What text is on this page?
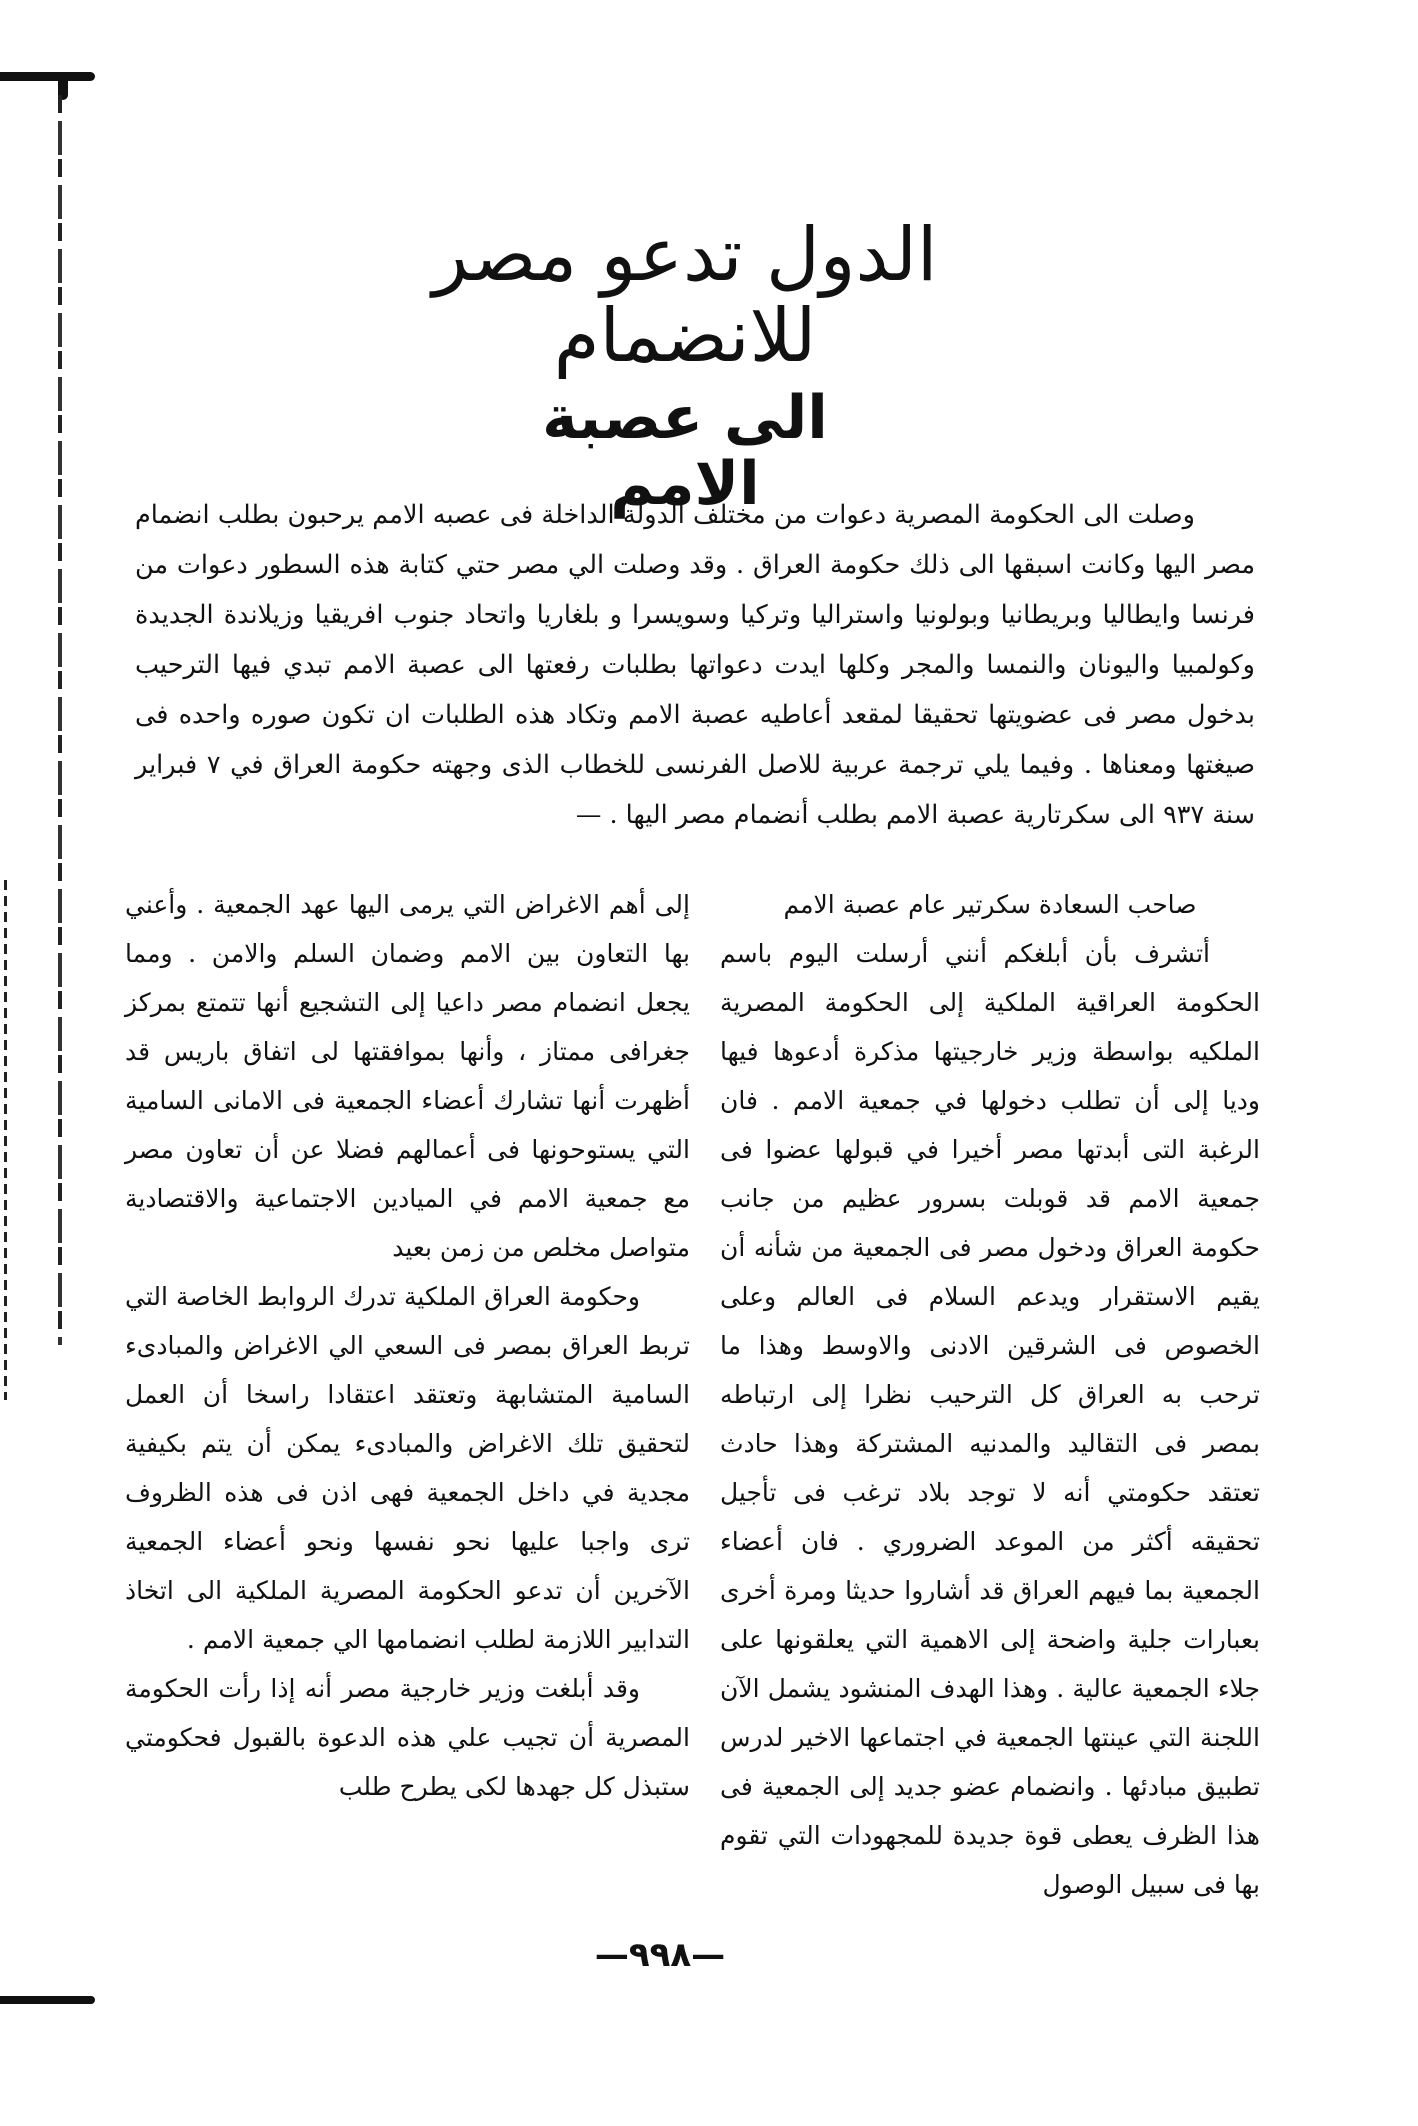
الدول تدعو مصر للانضمام
الى عصبة الامم

وصلت الى الحكومة المصرية دعوات من مختلف الدولة الداخلة فى عصبه الامم يرحبون بطلب انضمام مصر اليها وكانت اسبقها الى ذلك حكومة العراق . وقد وصلت الي مصر حتي كتابة هذه السطور دعوات من فرنسا وايطاليا وبريطانيا وبولونيا واستراليا وتركيا وسويسرا و بلغاريا واتحاد جنوب افريقيا وزيلاندة الجديدة وكولمبيا واليونان والنمسا والمجر وكلها ايدت دعواتها بطلبات رفعتها الى عصبة الامم تبدي فيها الترحيب بدخول مصر فى عضويتها تحقيقا لمقعد أعاطيه عصبة الامم وتكاد هذه الطلبات ان تكون صوره واحده فى صيغتها ومعناها . وفيما يلي ترجمة عربية للاصل الفرنسى للخطاب الذى وجهته حكومة العراق في ٧ فبراير سنة ٩٣٧ الى سكرتارية عصبة الامم بطلب أنضمام مصر اليها . —

صاحب السعادة سكرتير عام عصبة الامم

أتشرف بأن أبلغكم أنني أرسلت اليوم باسم الحكومة العراقية الملكية إلى الحكومة المصرية الملكيه بواسطة وزير خارجيتها مذكرة أدعوها فيها وديا إلى أن تطلب دخولها في جمعية الامم . فان الرغبة التى أبدتها مصر أخيرا في قبولها عضوا فى جمعية الامم قد قوبلت بسرور عظيم من جانب حكومة العراق ودخول مصر فى الجمعية من شأنه أن يقيم الاستقرار ويدعم السلام فى العالم وعلى الخصوص فى الشرقين الادنى والاوسط وهذا ما ترحب به العراق كل الترحيب نظرا إلى ارتباطه بمصر فى التقاليد والمدنيه المشتركة وهذا حادث تعتقد حكومتي أنه لا توجد بلاد ترغب فى تأجيل تحقيقه أكثر من الموعد الضروري . فان أعضاء الجمعية بما فيهم العراق قد أشاروا حديثا ومرة أخرى بعبارات جلية واضحة إلى الاهمية التي يعلقونها على جلاء الجمعية عالية . وهذا الهدف المنشود يشمل الآن اللجنة التي عينتها الجمعية في اجتماعها الاخير لدرس تطبيق مبادئها . وانضمام عضو جديد إلى الجمعية فى هذا الظرف يعطى قوة جديدة للمجهودات التي تقوم بها فى سبيل الوصول

إلى أهم الاغراض التي يرمى اليها عهد الجمعية . وأعني بها التعاون بين الامم وضمان السلم والامن . ومما يجعل انضمام مصر داعيا إلى التشجيع أنها تتمتع بمركز جغرافى ممتاز ، وأنها بموافقتها لى اتفاق باريس قد أظهرت أنها تشارك أعضاء الجمعية فى الامانى السامية التي يستوحونها فى أعمالهم فضلا عن أن تعاون مصر مع جمعية الامم في الميادين الاجتماعية والاقتصادية متواصل مخلص من زمن بعيد

وحكومة العراق الملكية تدرك الروابط الخاصة التي تربط العراق بمصر فى السعي الي الاغراض والمبادىء السامية المتشابهة وتعتقد اعتقادا راسخا أن العمل لتحقيق تلك الاغراض والمبادىء يمكن أن يتم بكيفية مجدية في داخل الجمعية فهى اذن فى هذه الظروف ترى واجبا عليها نحو نفسها ونحو أعضاء الجمعية الآخرين أن تدعو الحكومة المصرية الملكية الى اتخاذ التدابير اللازمة لطلب انضمامها الي جمعية الامم .

وقد أبلغت وزير خارجية مصر أنه إذا رأت الحكومة المصرية أن تجيب علي هذه الدعوة بالقبول فحكومتي ستبذل كل جهدها لكى يطرح طلب

—٩٩٨—
